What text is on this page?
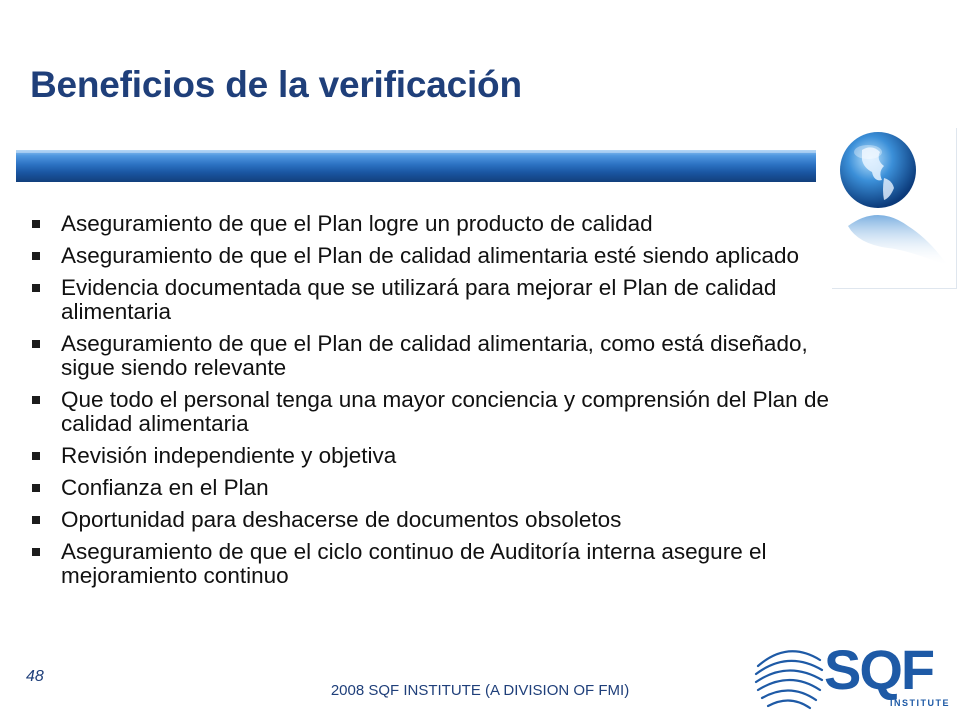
Beneficios de la verificación
Aseguramiento de que el Plan logre un producto de calidad
Aseguramiento de que el Plan de calidad alimentaria esté siendo aplicado
Evidencia documentada que se utilizará para mejorar el Plan de calidad alimentaria
Aseguramiento de que el Plan de calidad alimentaria, como está diseñado, sigue siendo relevante
Que todo el personal tenga una mayor conciencia y comprensión del Plan de calidad alimentaria
Revisión independiente y objetiva
Confianza en el Plan
Oportunidad para deshacerse de documentos obsoletos
Aseguramiento de que el ciclo continuo de Auditoría interna asegure el mejoramiento continuo
48
2008 SQF INSTITUTE (A DIVISION OF FMI)	SQF
INSTITUTE
